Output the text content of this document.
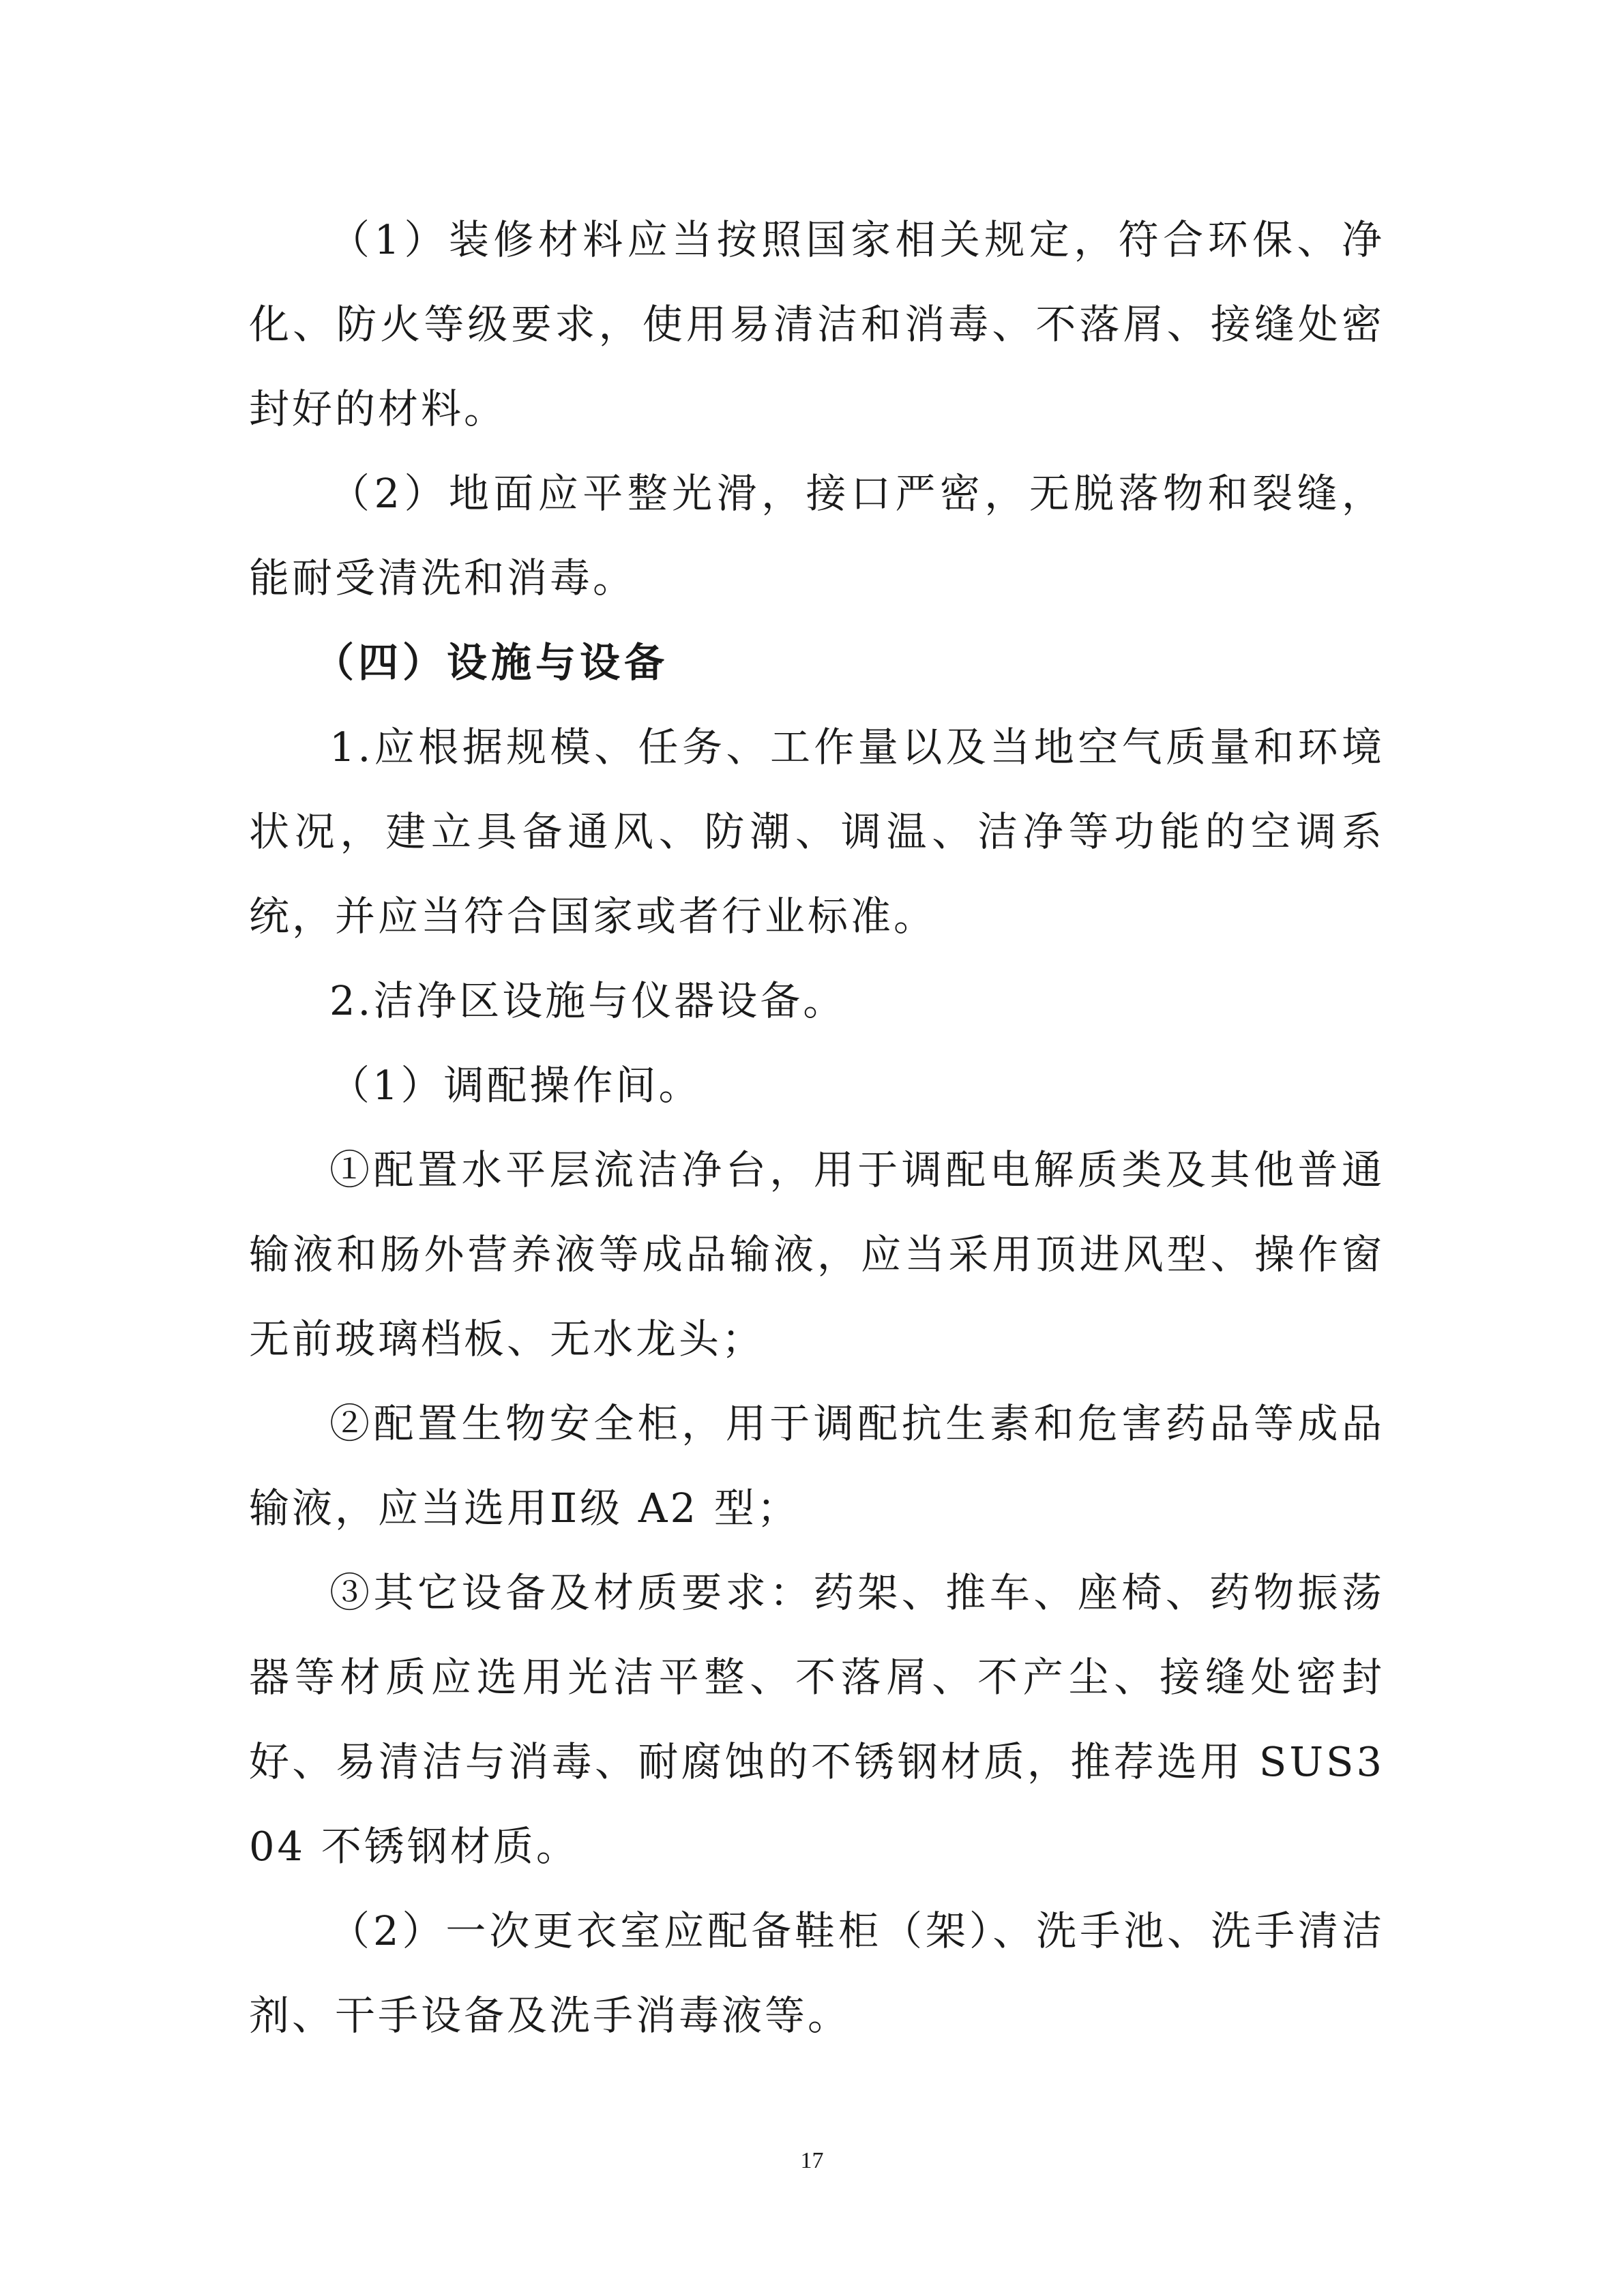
（1）装修材料应当按照国家相关规定，符合环保、净化、防火等级要求，使用易清洁和消毒、不落屑、接缝处密封好的材料。

（2）地面应平整光滑，接口严密，无脱落物和裂缝，能耐受清洗和消毒。

（四）设施与设备

1.应根据规模、任务、工作量以及当地空气质量和环境状况，建立具备通风、防潮、调温、洁净等功能的空调系统，并应当符合国家或者行业标准。

2.洁净区设施与仪器设备。

（1）调配操作间。

①配置水平层流洁净台，用于调配电解质类及其他普通输液和肠外营养液等成品输液，应当采用顶进风型、操作窗无前玻璃档板、无水龙头；

②配置生物安全柜，用于调配抗生素和危害药品等成品输液，应当选用Ⅱ级 A2 型；

③其它设备及材质要求：药架、推车、座椅、药物振荡器等材质应选用光洁平整、不落屑、不产尘、接缝处密封好、易清洁与消毒、耐腐蚀的不锈钢材质，推荐选用 SUS304 不锈钢材质。

（2）一次更衣室应配备鞋柜（架）、洗手池、洗手清洁剂、干手设备及洗手消毒液等。

17
